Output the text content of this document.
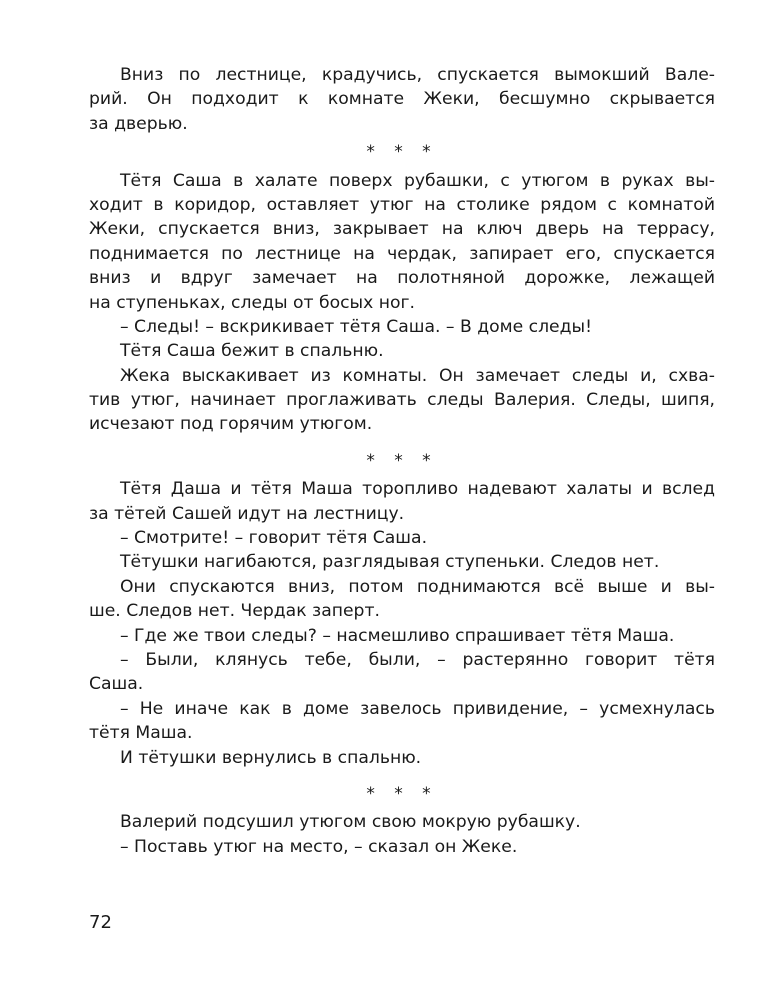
Вниз по лестнице, крадучись, спускается вымокший Вале-
рий. Он подходит к комнате Жеки, бесшумно скрывается
за дверью.
* * *
Тётя Саша в халате поверх рубашки, с утюгом в руках вы-
ходит в коридор, оставляет утюг на столике рядом с комнатой
Жеки, спускается вниз, закрывает на ключ дверь на террасу,
поднимается по лестнице на чердак, запирает его, спускается
вниз и вдруг замечает на полотняной дорожке, лежащей
на ступеньках, следы от босых ног.
– Следы! – вскрикивает тётя Саша. – В доме следы!
Тётя Саша бежит в спальню.
Жека выскакивает из комнаты. Он замечает следы и, схва-
тив утюг, начинает проглаживать следы Валерия. Следы, шипя,
исчезают под горячим утюгом.
* * *
Тётя Даша и тётя Маша торопливо надевают халаты и вслед
за тётей Сашей идут на лестницу.
– Смотрите! – говорит тётя Саша.
Тётушки нагибаются, разглядывая ступеньки. Следов нет.
Они спускаются вниз, потом поднимаются всё выше и вы-
ше. Следов нет. Чердак заперт.
– Где же твои следы? – насмешливо спрашивает тётя Маша.
– Были, клянусь тебе, были, – растерянно говорит тётя
Саша.
– Не иначе как в доме завелось привидение, – усмехнулась
тётя Маша.
И тётушки вернулись в спальню.
* * *
Валерий подсушил утюгом свою мокрую рубашку.
– Поставь утюг на место, – сказал он Жеке.
72
